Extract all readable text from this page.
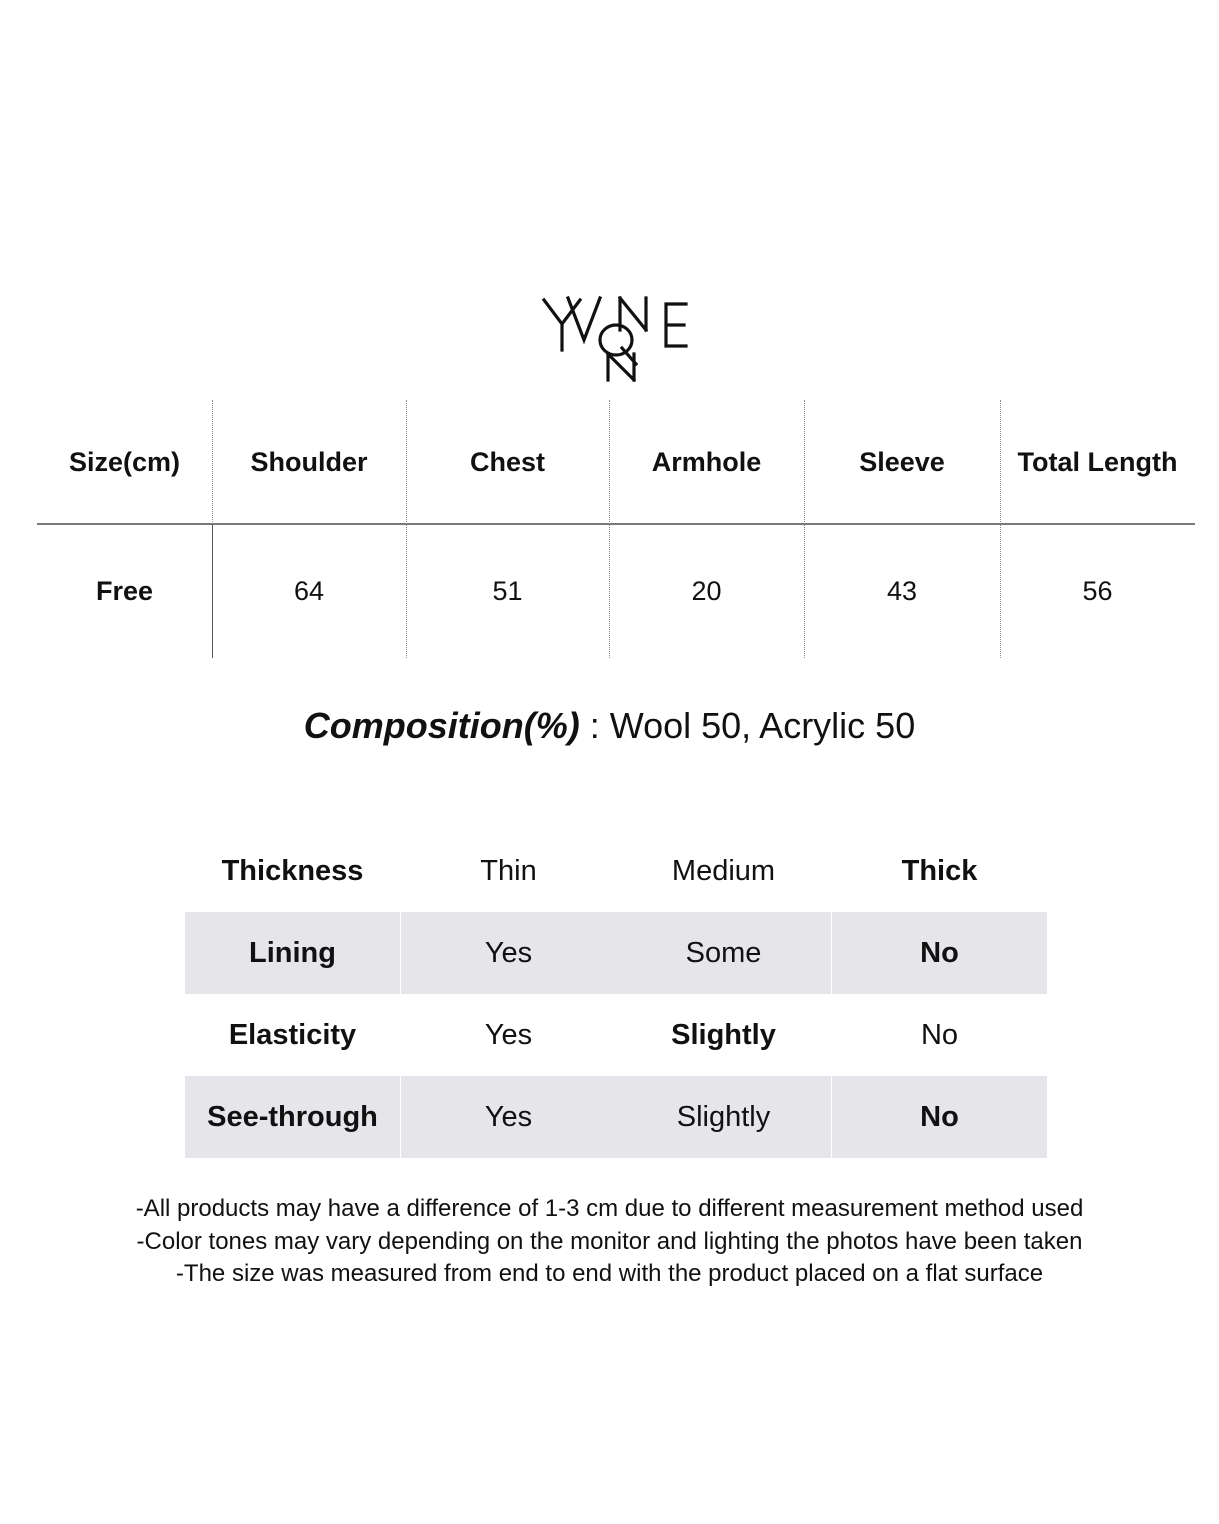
Size(cm)	Shoulder	Chest	Armhole	Sleeve	Total Length
Free	64	51	20	43	56
Composition(%) : Wool 50, Acrylic 50
Thickness	Thin	Medium	Thick
Lining	Yes	Some	No
Elasticity	Yes	Slightly	No
See-through	Yes	Slightly	No
-All products may have a difference of 1-3 cm due to different measurement method used
-Color tones may vary depending on the monitor and lighting the photos have been taken
-The size was measured from end to end with the product placed on a flat surface
